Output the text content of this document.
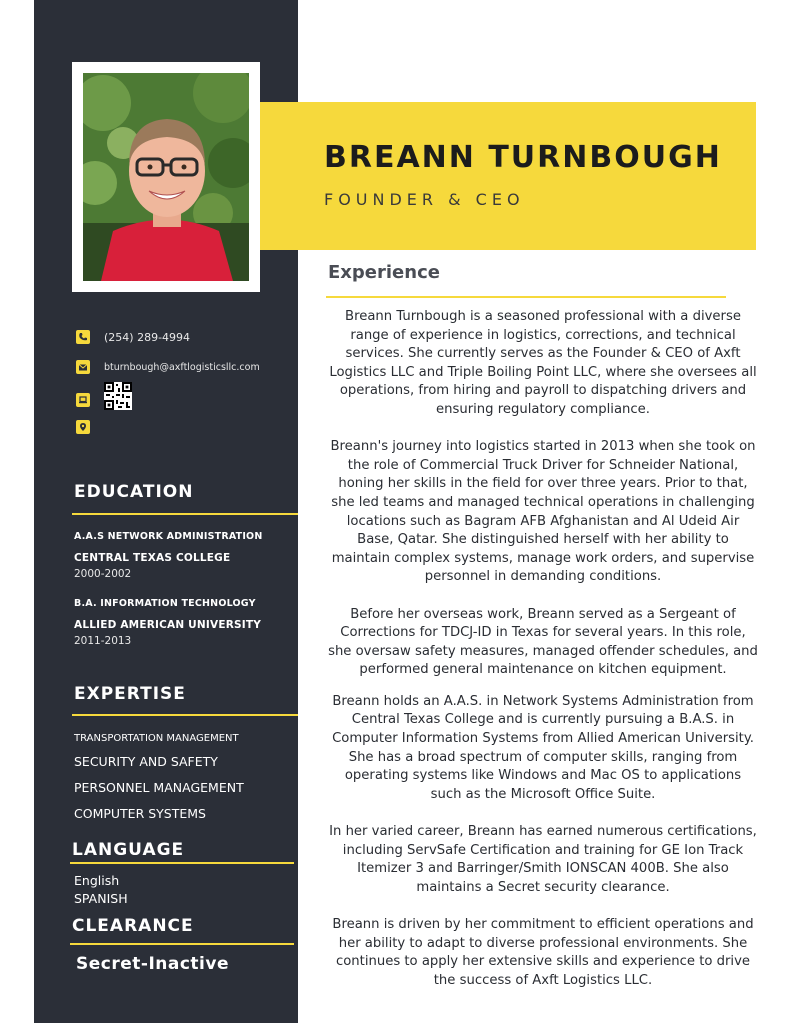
BREANN TURNBOUGH
FOUNDER & CEO
Experience

Breann Turnbough is a seasoned professional with a diverse range of experience in logistics, corrections, and technical services. She currently serves as the Founder & CEO of Axft Logistics LLC and Triple Boiling Point LLC, where she oversees all operations, from hiring and payroll to dispatching drivers and ensuring regulatory compliance.

Breann's journey into logistics started in 2013 when she took on the role of Commercial Truck Driver for Schneider National, honing her skills in the field for over three years. Prior to that, she led teams and managed technical operations in challenging locations such as Bagram AFB Afghanistan and Al Udeid Air Base, Qatar. She distinguished herself with her ability to maintain complex systems, manage work orders, and supervise personnel in demanding conditions.

Before her overseas work, Breann served as a Sergeant of Corrections for TDCJ-ID in Texas for several years. In this role, she oversaw safety measures, managed offender schedules, and performed general maintenance on kitchen equipment.

Breann holds an A.A.S. in Network Systems Administration from Central Texas College and is currently pursuing a B.A.S. in Computer Information Systems from Allied American University. She has a broad spectrum of computer skills, ranging from operating systems like Windows and Mac OS to applications such as the Microsoft Office Suite.

In her varied career, Breann has earned numerous certifications, including ServSafe Certification and training for GE Ion Track Itemizer 3 and Barringer/Smith IONSCAN 400B. She also maintains a Secret security clearance.

Breann is driven by her commitment to efficient operations and her ability to adapt to diverse professional environments. She continues to apply her extensive skills and experience to drive the success of Axft Logistics LLC.

(254) 289-4994
bturnbough@axftlogisticsllc.com
EDUCATION
A.A.S NETWORK ADMINISTRATION
CENTRAL TEXAS COLLEGE
2000-2002
B.A. INFORMATION TECHNOLOGY
ALLIED AMERICAN UNIVERSITY
2011-2013
EXPERTISE
TRANSPORTATION MANAGEMENT
SECURITY AND SAFETY
PERSONNEL MANAGEMENT
COMPUTER SYSTEMS
LANGUAGE
English
SPANISH
CLEARANCE
Secret-Inactive
